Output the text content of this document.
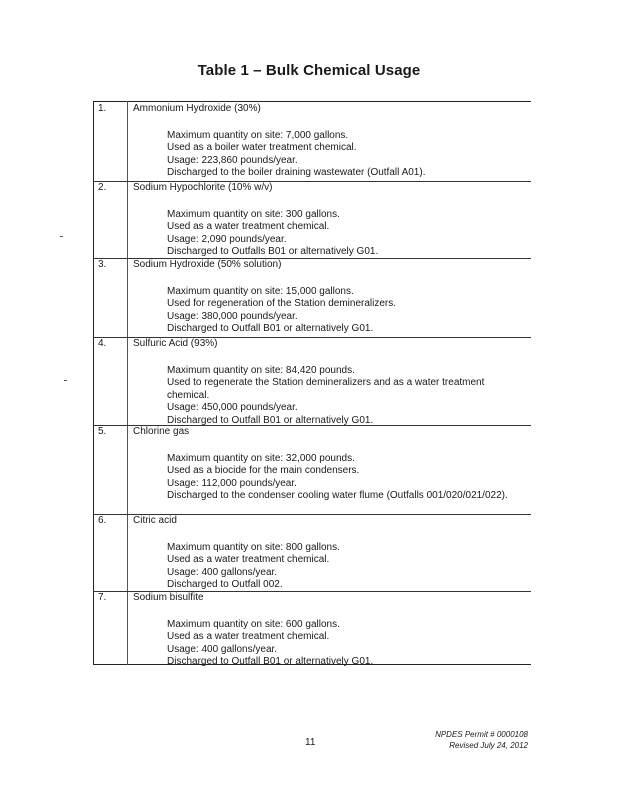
Table 1 – Bulk Chemical Usage
1.	Ammonium Hydroxide (30%)
Maximum quantity on site: 7,000 gallons.
Used as a boiler water treatment chemical.
Usage: 223,860 pounds/year.
Discharged to the boiler draining wastewater (Outfall A01).
2.	Sodium Hypochlorite (10% w/v)
Maximum quantity on site: 300 gallons.
Used as a water treatment chemical.
Usage: 2,090 pounds/year.
Discharged to Outfalls B01 or alternatively G01.
3.	Sodium Hydroxide (50% solution)
Maximum quantity on site: 15,000 gallons.
Used for regeneration of the Station demineralizers.
Usage: 380,000 pounds/year.
Discharged to Outfall B01 or alternatively G01.
4.	Sulfuric Acid (93%)
Maximum quantity on site: 84,420 pounds.
Used to regenerate the Station demineralizers and as a water treatment chemical.
Usage: 450,000 pounds/year.
Discharged to Outfall B01 or alternatively G01.
5.	Chlorine gas
Maximum quantity on site: 32,000 pounds.
Used as a biocide for the main condensers.
Usage: 112,000 pounds/year.
Discharged to the condenser cooling water flume (Outfalls 001/020/021/022).
6.	Citric acid
Maximum quantity on site: 800 gallons.
Used as a water treatment chemical.
Usage: 400 gallons/year.
Discharged to Outfall 002.
7.	Sodium bisulfite
Maximum quantity on site: 600 gallons.
Used as a water treatment chemical.
Usage: 400 gallons/year.
Discharged to Outfall B01 or alternatively G01.
11
NPDES Permit # 0000108
Revised July 24, 2012
